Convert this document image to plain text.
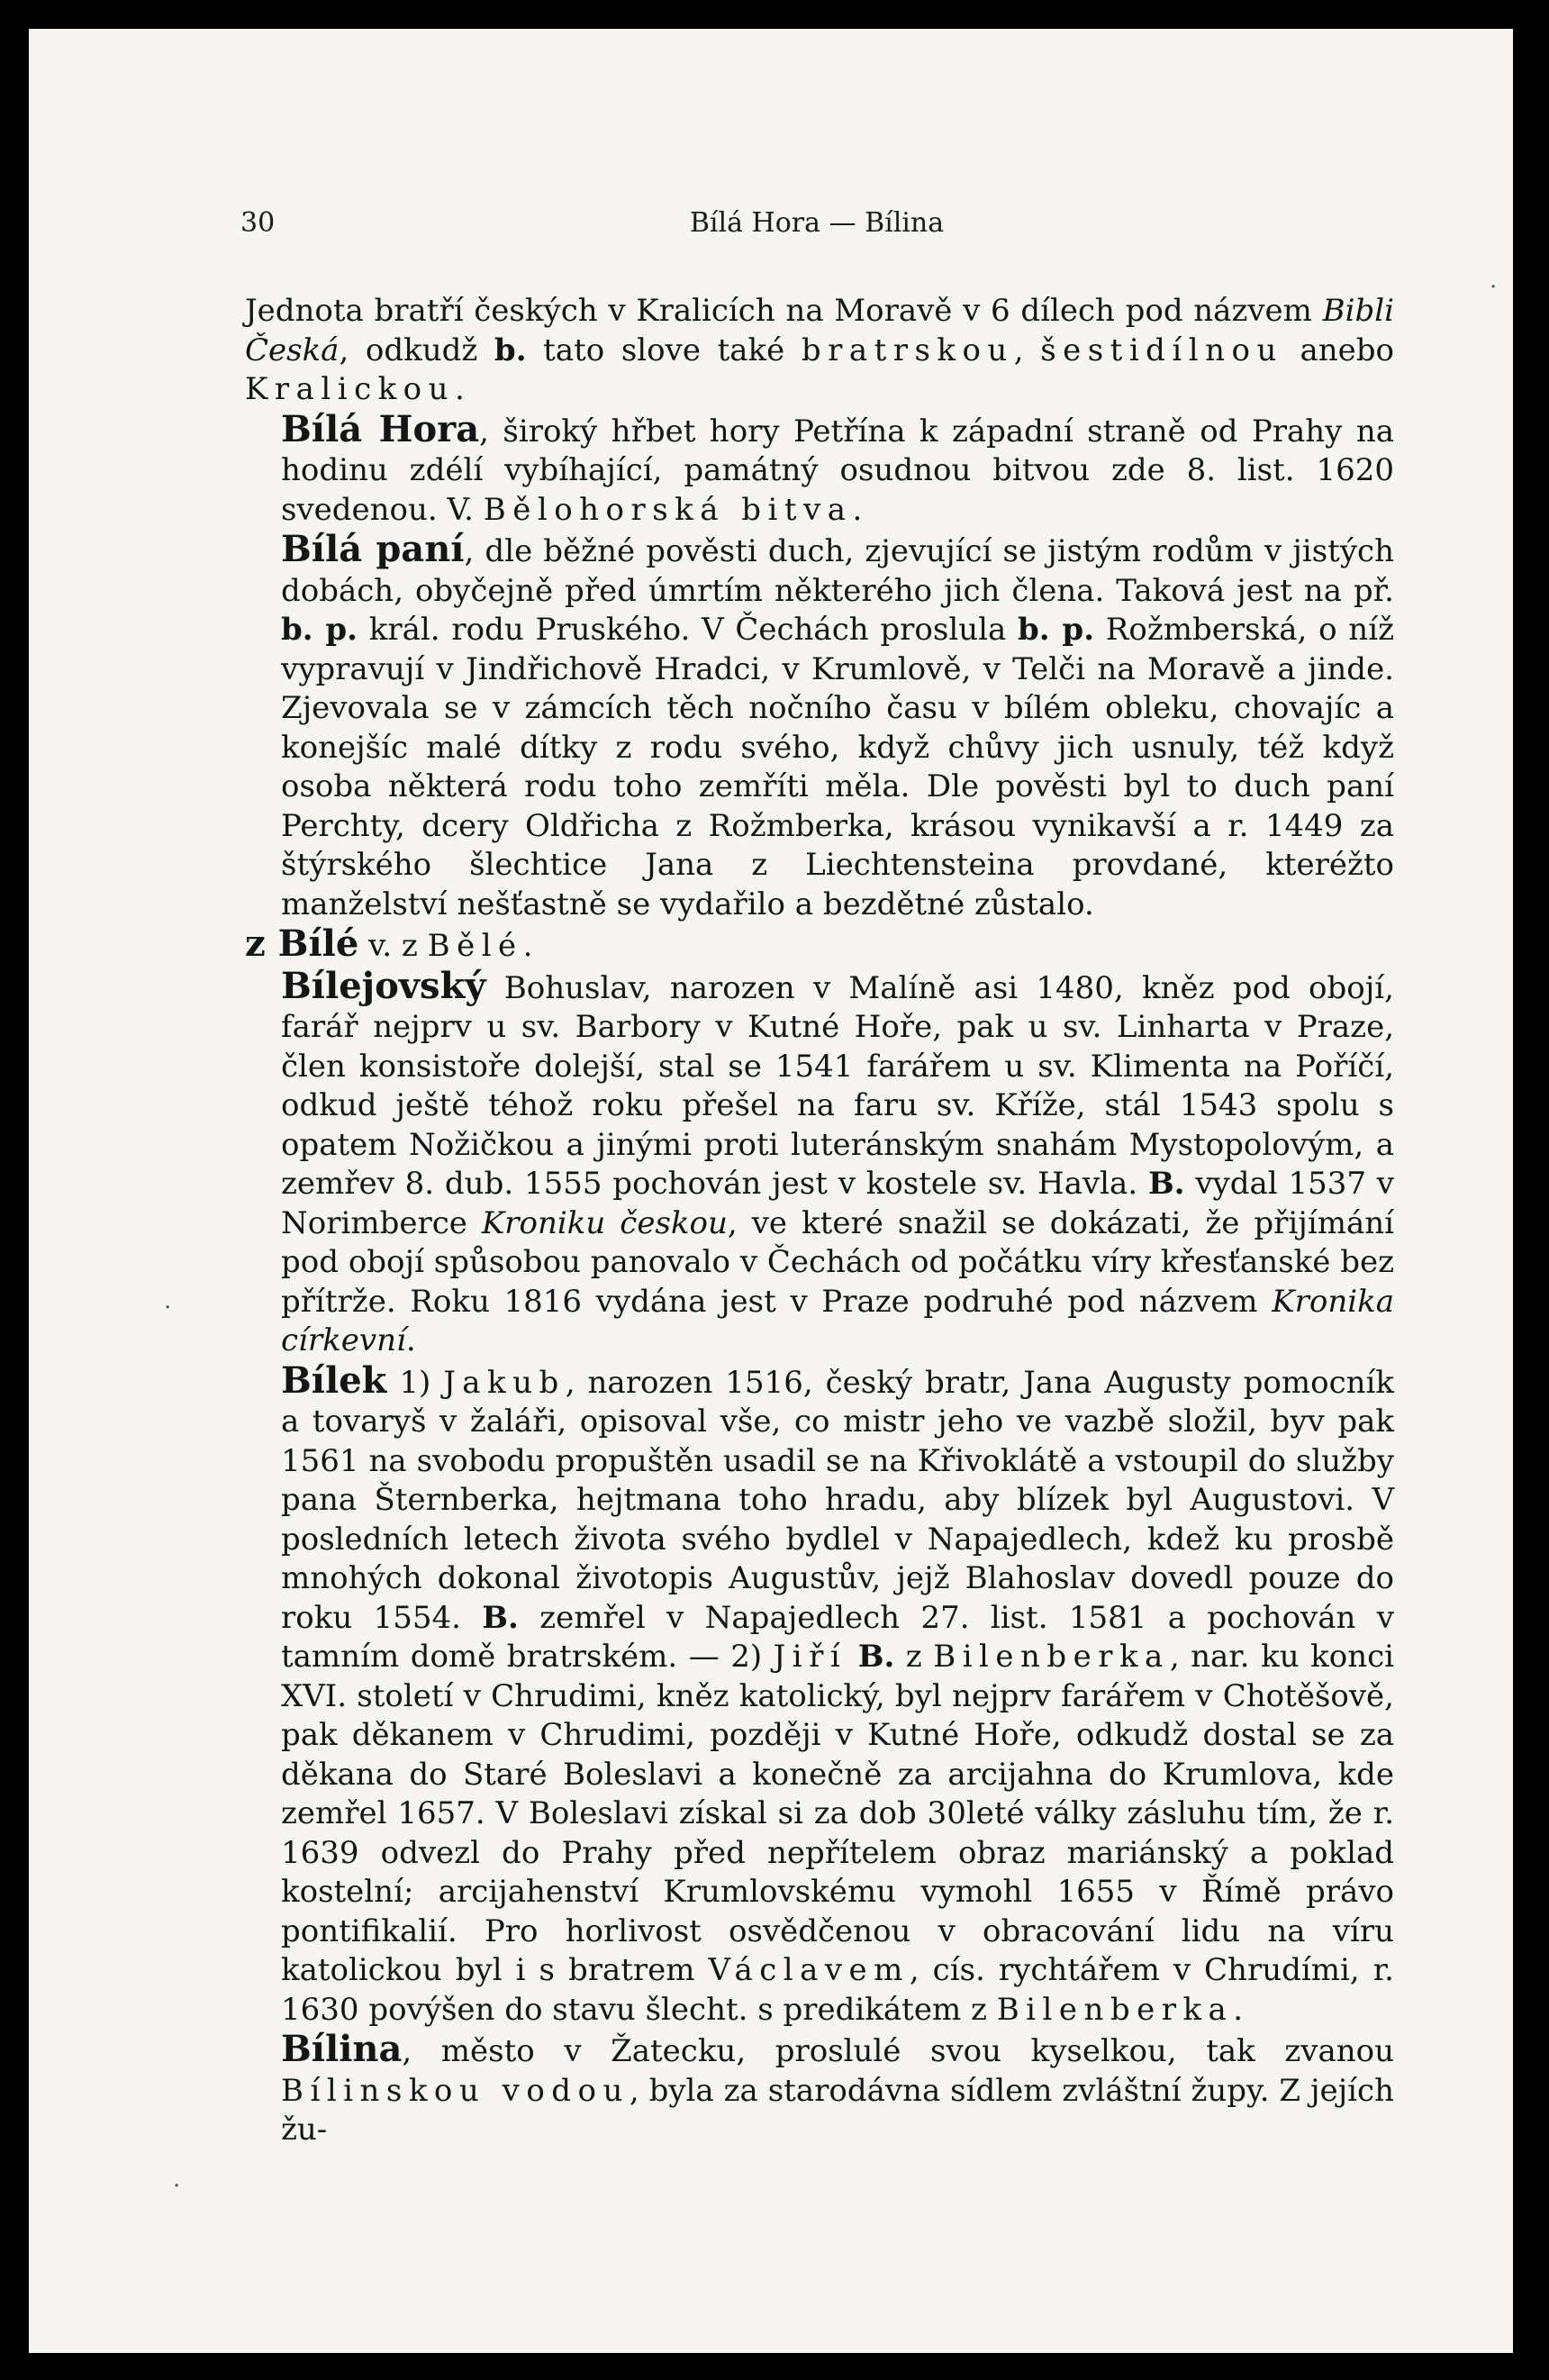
30	Bílá Hora — Bílina

Jednota bratří českých v Kralicích na Moravě v 6 dílech pod názvem Bibli Česká, odkudž b. tato slove také bratrskou, šestidílnou anebo Kralickou.

Bílá Hora, široký hřbet hory Petřína k západní straně od Prahy na hodinu zdélí vybíhající, památný osudnou bitvou zde 8. list. 1620 svedenou. V. Bělohorská bitva.

Bílá paní, dle běžné pověsti duch, zjevující se jistým rodům v jistých dobách, obyčejně před úmrtím některého jich člena. Taková jest na př. b. p. král. rodu Pruského. V Čechách proslula b. p. Rožmberská, o níž vypravují v Jindřichově Hradci, v Krumlově, v Telči na Moravě a jinde. Zjevovala se v zámcích těch nočního času v bílém obleku, chovajíc a konejšíc malé dítky z rodu svého, když chůvy jich usnuly, též když osoba některá rodu toho zemříti měla. Dle pověsti byl to duch paní Perchty, dcery Oldřicha z Rožmberka, krásou vynikavší a r. 1449 za štýrského šlechtice Jana z Liechtensteina provdané, kteréžto manželství nešťastně se vydařilo a bezdětné zůstalo.

z Bílé v. z Bělé.

Bílejovský Bohuslav, narozen v Malíně asi 1480, kněz pod obojí, farář nejprv u sv. Barbory v Kutné Hoře, pak u sv. Linharta v Praze, člen konsistoře dolejší, stal se 1541 farářem u sv. Klimenta na Poříčí, odkud ještě téhož roku přešel na faru sv. Kříže, stál 1543 spolu s opatem Nožičkou a jinými proti luteránským snahám Mystopolovým, a zemřev 8. dub. 1555 pochován jest v kostele sv. Havla. B. vydal 1537 v Norimberce Kroniku českou, ve které snažil se dokázati, že přijímání pod obojí spůsobou panovalo v Čechách od počátku víry křesťanské bez přítrže. Roku 1816 vydána jest v Praze podruhé pod názvem Kronika církevní.

Bílek 1) Jakub, narozen 1516, český bratr, Jana Augusty pomocník a tovaryš v žaláři, opisoval vše, co mistr jeho ve vazbě složil, byv pak 1561 na svobodu propuštěn usadil se na Křivoklátě a vstoupil do služby pana Šternberka, hejtmana toho hradu, aby blízek byl Augustovi. V posledních letech života svého bydlel v Napajedlech, kdež ku prosbě mnohých dokonal životopis Augustův, jejž Blahoslav dovedl pouze do roku 1554. B. zemřel v Napajedlech 27. list. 1581 a pochován v tamním domě bratrském. — 2) Jiří B. z Bilenberka, nar. ku konci XVI. století v Chrudimi, kněz katolický, byl nejprv farářem v Chotěšově, pak děkanem v Chrudimi, později v Kutné Hoře, odkudž dostal se za děkana do Staré Boleslavi a konečně za arcijahna do Krumlova, kde zemřel 1657. V Boleslavi získal si za dob 30leté války zásluhu tím, že r. 1639 odvezl do Prahy před nepřítelem obraz mariánský a poklad kostelní; arcijahenství Krumlovskému vymohl 1655 v Římě právo pontifikalií. Pro horlivost osvědčenou v obracování lidu na víru katolickou byl i s bratrem Václavem, cís. rychtářem v Chrudími, r. 1630 povýšen do stavu šlecht. s predikátem z Bilenberka.

Bílina, město v Žatecku, proslulé svou kyselkou, tak zvanou Bílinskou vodou, byla za starodávna sídlem zvláštní župy. Z jejích žu-

·
·
·
